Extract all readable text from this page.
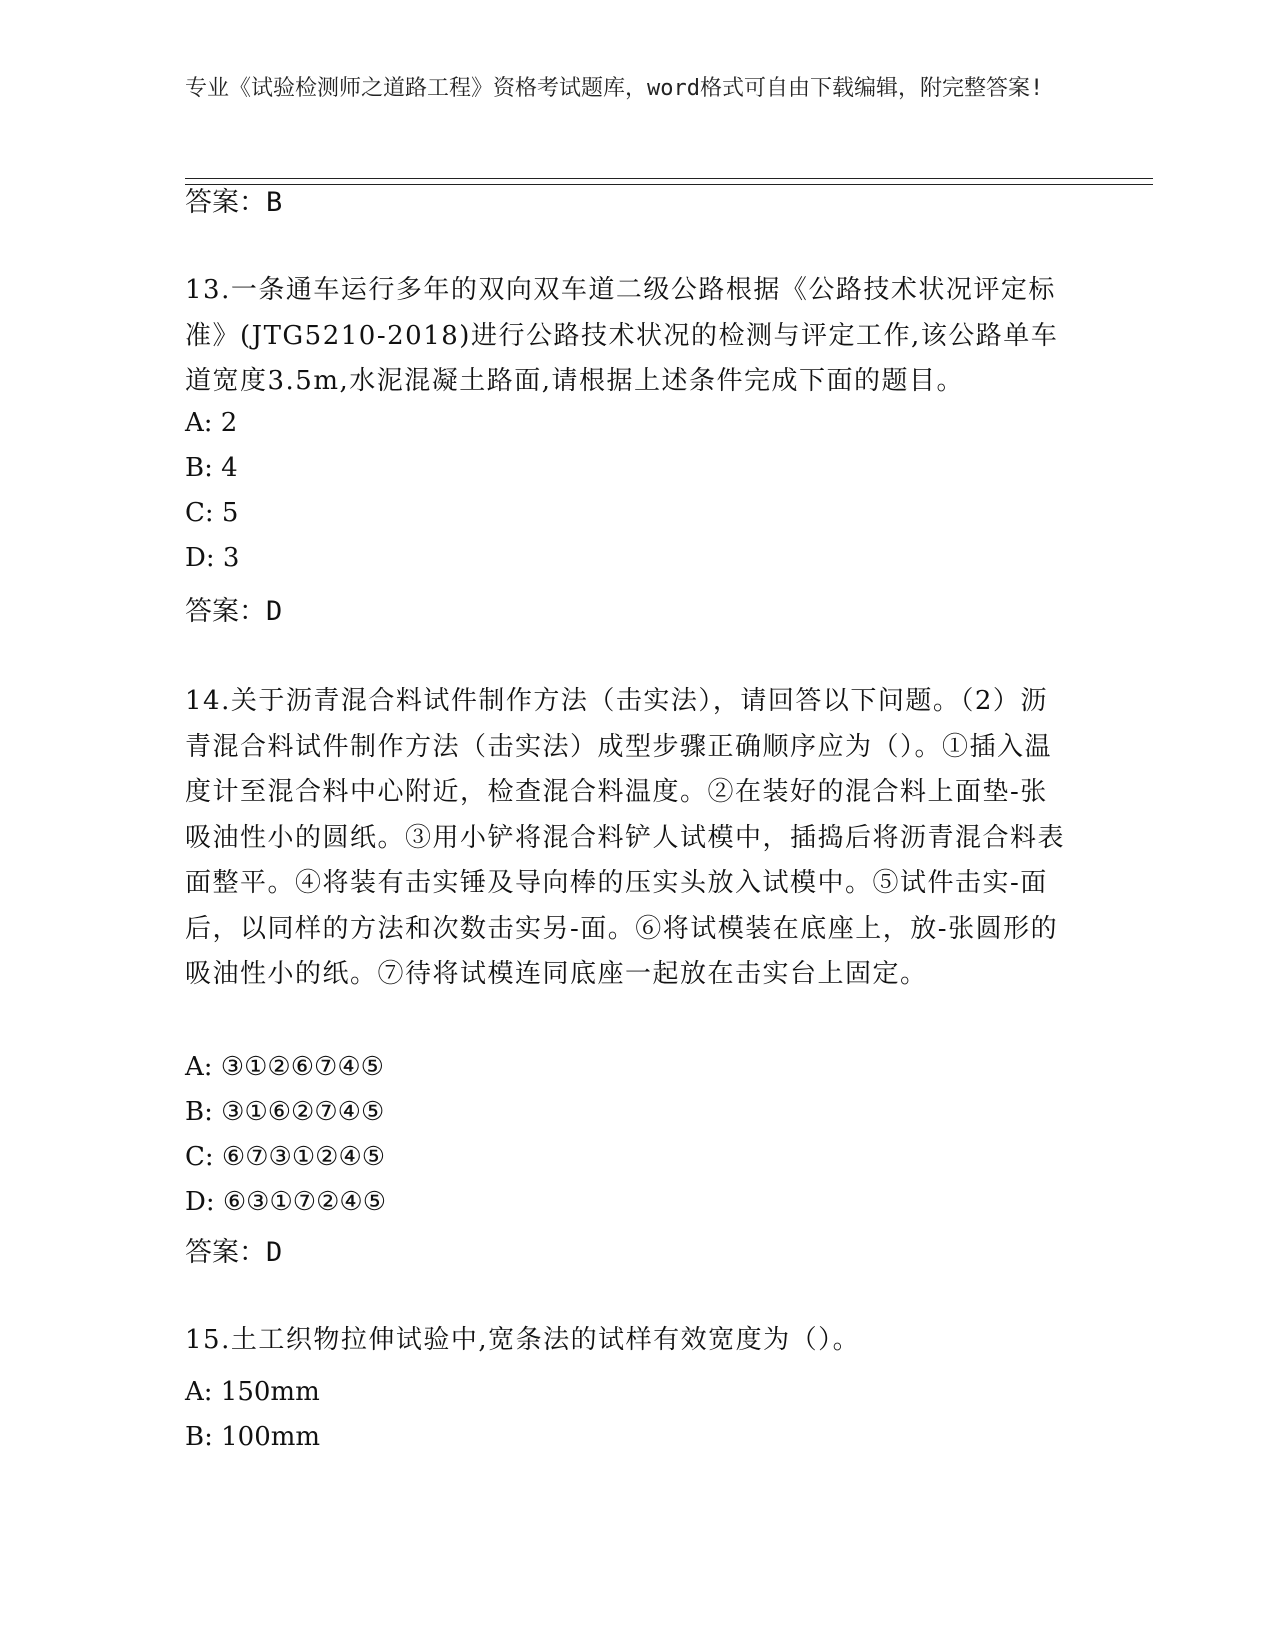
专业《试验检测师之道路工程》资格考试题库，word格式可自由下载编辑，附完整答案!
答案：B
13.一条通车运行多年的双向双车道二级公路根据《公路技术状况评定标准》(JTG5210-2018)进行公路技术状况的检测与评定工作,该公路单车道宽度3.5m,水泥混凝土路面,请根据上述条件完成下面的题目。
A: 2
B: 4
C: 5
D: 3
答案：D
14.关于沥青混合料试件制作方法（击实法），请回答以下问题。（2）沥青混合料试件制作方法（击实法）成型步骤正确顺序应为（）。①插入温度计至混合料中心附近，检查混合料温度。②在装好的混合料上面垫-张吸油性小的圆纸。③用小铲将混合料铲人试模中，插捣后将沥青混合料表面整平。④将装有击实锤及导向棒的压实头放入试模中。⑤试件击实-面后，以同样的方法和次数击实另-面。⑥将试模装在底座上，放-张圆形的吸油性小的纸。⑦待将试模连同底座一起放在击实台上固定。
A: ③①②⑥⑦④⑤
B: ③①⑥②⑦④⑤
C: ⑥⑦③①②④⑤
D: ⑥③①⑦②④⑤
答案：D
15.土工织物拉伸试验中,宽条法的试样有效宽度为（）。
A: 150mm
B: 100mm
